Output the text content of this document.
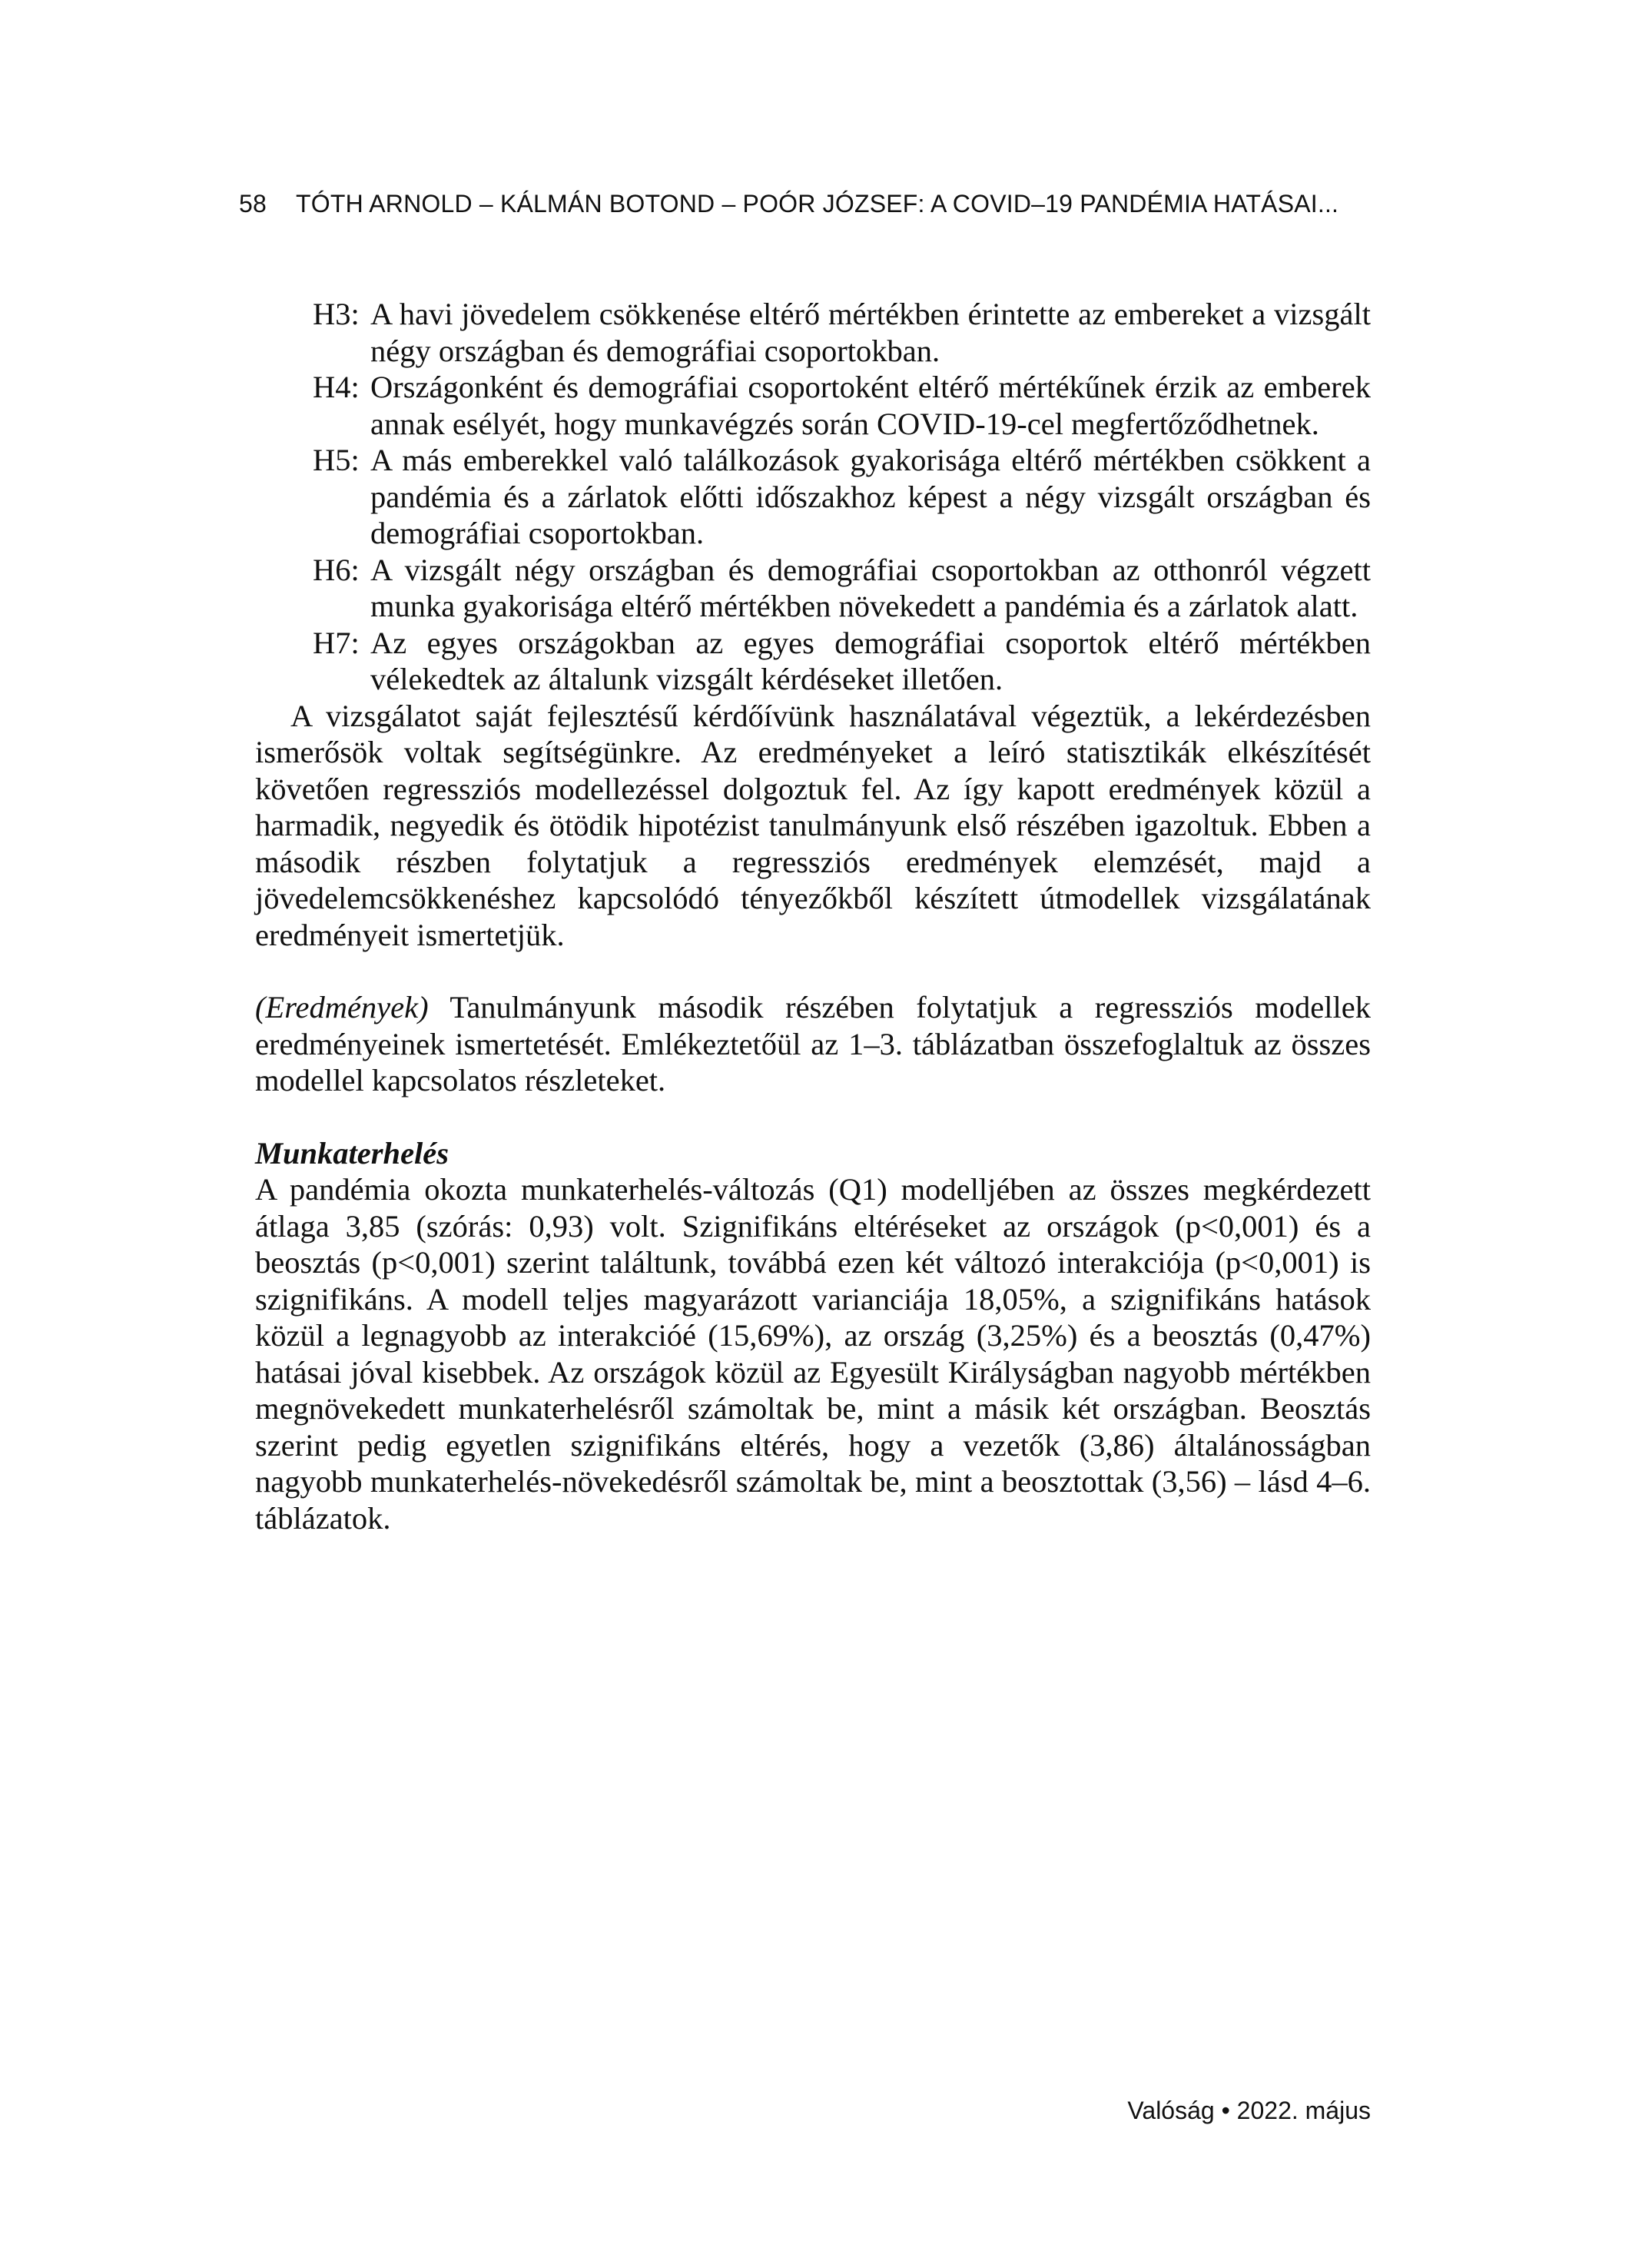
58 TÓTH ARNOLD – KÁLMÁN BOTOND – POÓR JÓZSEF: A COVID–19 PANDÉMIA HATÁSAI...
H3: A havi jövedelem csökkenése eltérő mértékben érintette az embereket a vizsgált négy országban és demográfiai csoportokban.
H4: Országonként és demográfiai csoportoként eltérő mértékűnek érzik az emberek annak esélyét, hogy munkavégzés során COVID-19-cel megfertőződhetnek.
H5: A más emberekkel való találkozások gyakorisága eltérő mértékben csökkent a pandémia és a zárlatok előtti időszakhoz képest a négy vizsgált országban és demográfiai csoportokban.
H6: A vizsgált négy országban és demográfiai csoportokban az otthonról végzett munka gyakorisága eltérő mértékben növekedett a pandémia és a zárlatok alatt.
H7: Az egyes országokban az egyes demográfiai csoportok eltérő mértékben vélekedtek az általunk vizsgált kérdéseket illetően.

A vizsgálatot saját fejlesztésű kérdőívünk használatával végeztük, a lekérdezésben ismerősök voltak segítségünkre. Az eredményeket a leíró statisztikák elkészítését követően regressziós modellezéssel dolgoztuk fel. Az így kapott eredmények közül a harmadik, negyedik és ötödik hipotézist tanulmányunk első részében igazoltuk. Ebben a második részben folytatjuk a regressziós eredmények elemzését, majd a jövedelemcsökkenéshez kapcsolódó tényezőkből készített útmodellek vizsgálatának eredményeit ismertetjük.

(Eredmények) Tanulmányunk második részében folytatjuk a regressziós modellek eredményeinek ismertetését. Emlékeztetőül az 1–3. táblázatban összefoglaltuk az összes modellel kapcsolatos részleteket.

Munkaterhelés

A pandémia okozta munkaterhelés-változás (Q1) modelljében az összes megkérdezett átlaga 3,85 (szórás: 0,93) volt. Szignifikáns eltéréseket az országok (p<0,001) és a beosztás (p<0,001) szerint találtunk, továbbá ezen két változó interakciója (p<0,001) is szignifikáns. A modell teljes magyarázott varianciája 18,05%, a szignifikáns hatások közül a legnagyobb az interakcióé (15,69%), az ország (3,25%) és a beosztás (0,47%) hatásai jóval kisebbek. Az országok közül az Egyesült Királyságban nagyobb mértékben megnövekedett munkaterhelésről számoltak be, mint a másik két országban. Beosztás szerint pedig egyetlen szignifikáns eltérés, hogy a vezetők (3,86) általánosságban nagyobb munkaterhelés-növekedésről számoltak be, mint a beosztottak (3,56) – lásd 4–6. táblázatok.

Valóság • 2022. május
